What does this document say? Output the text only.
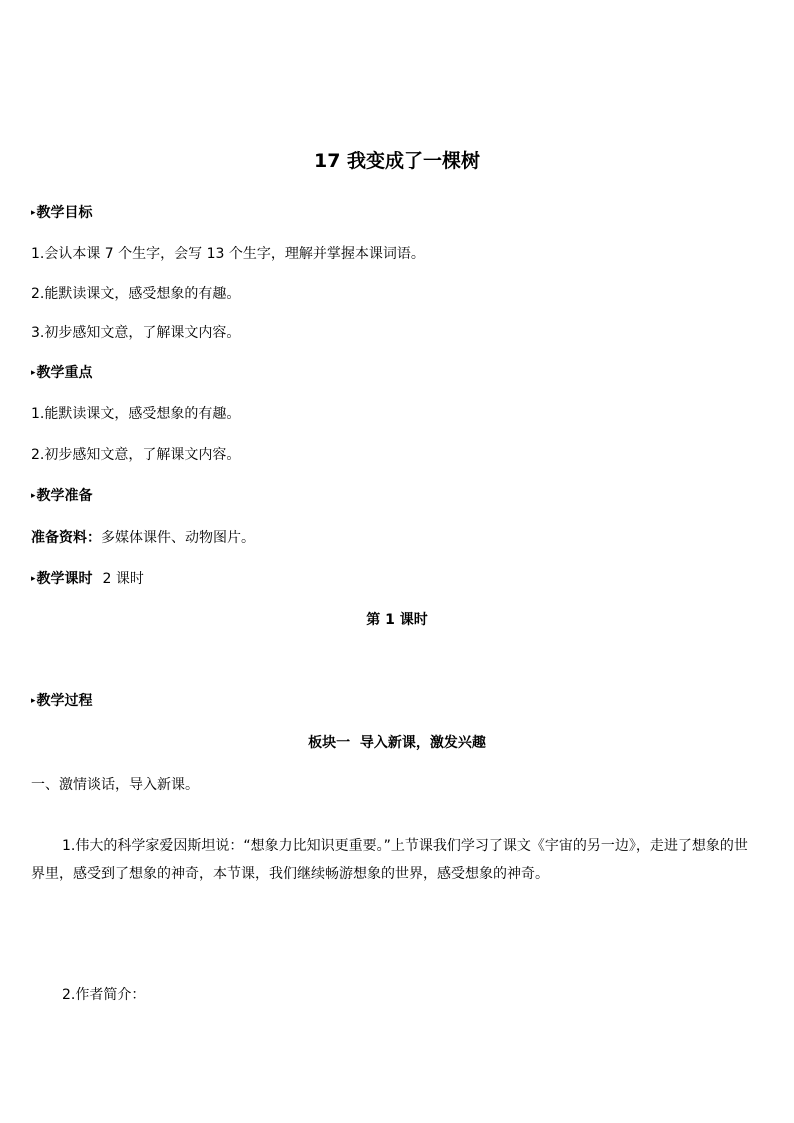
17 我变成了一棵树
▸教学目标
1.会认本课 7 个生字，会写 13 个生字，理解并掌握本课词语。
2.能默读课文，感受想象的有趣。
3.初步感知文意，了解课文内容。
▸教学重点
1.能默读课文，感受想象的有趣。
2.初步感知文意，了解课文内容。
▸教学准备
准备资料：多媒体课件、动物图片。
▸教学课时 2 课时
第 1 课时
▸教学过程
板块一  导入新课，激发兴趣
一、激情谈话，导入新课。
1.伟大的科学家爱因斯坦说：“想象力比知识更重要。”上节课我们学习了课文《宇宙的另一边》，走进了想象的世界里，感受到了想象的神奇，本节课，我们继续畅游想象的世界，感受想象的神奇。
2.作者简介：
